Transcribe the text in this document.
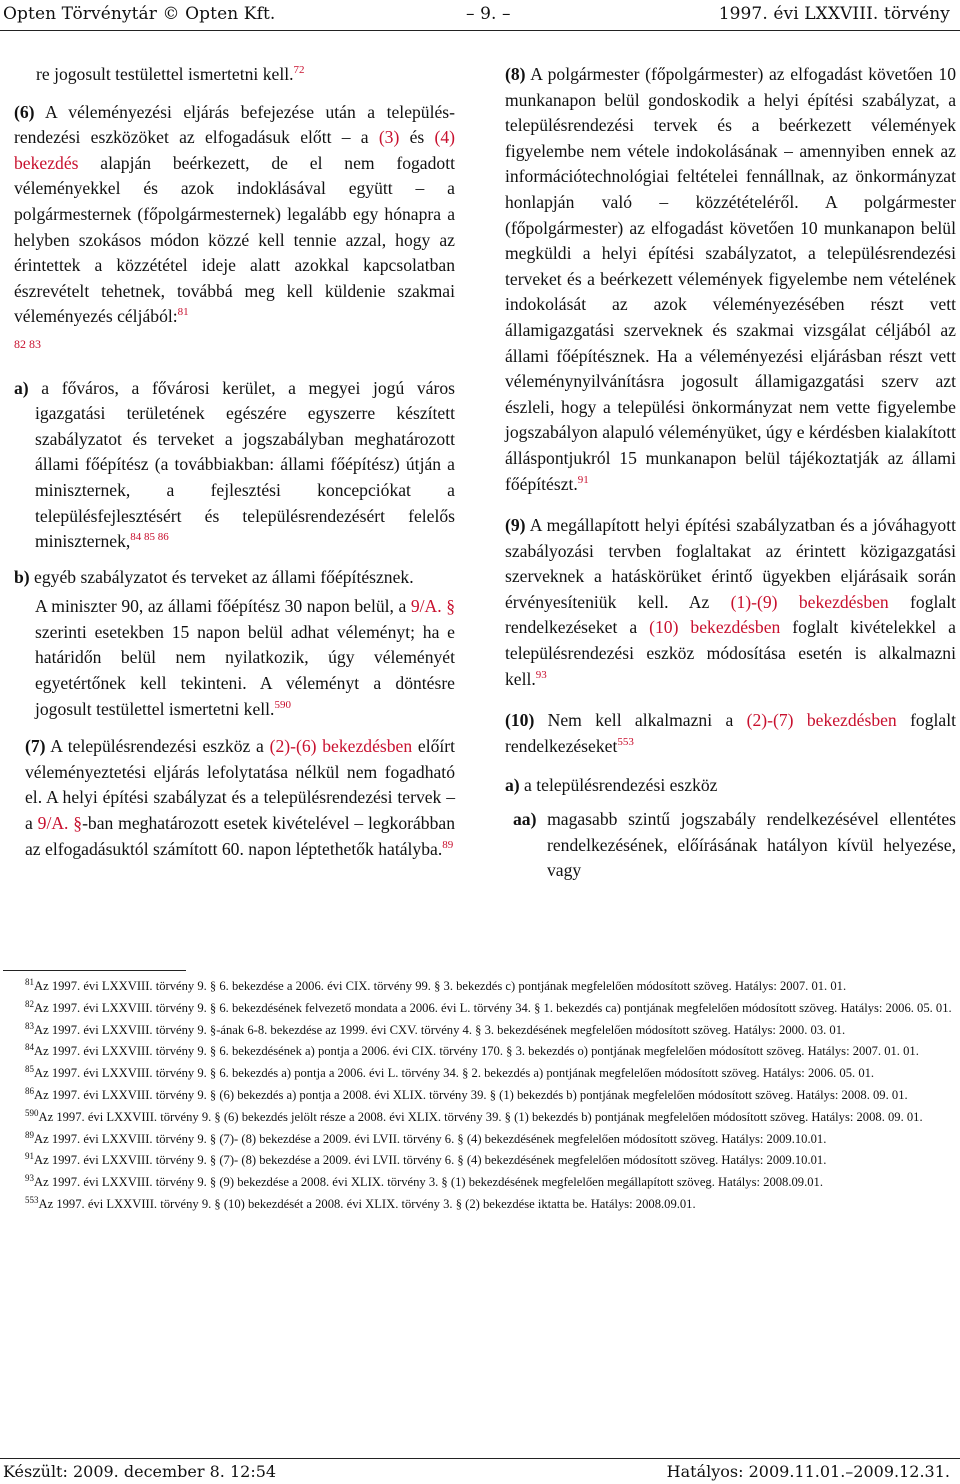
Opten Törvénytár © Opten Kft.	– 9. –	1997. évi LXXVIII. törvény
re jogosult testülettel ismertetni kell.$^{72}$
(6) A véleményezési eljárás befejezése után a településrendezési eszközöket az elfogadásuk előtt – a (3) és (4) bekezdés alapján beérkezett, de el nem fogadott véleményekkel és azok indoklásával együtt – a polgármesternek (főpolgármesternek) legalább egy hónapra a helyben szokásos módon közzé kell tennie azzal, hogy az érintettek a közzététel ideje alatt azokkal kapcsolatban észrevételt tehetnek, továbbá meg kell küldenie szakmai véleményezés céljából:$^{81}$
82 83
a) a főváros, a fővárosi kerület, a megyei jogú város igazgatási területének egészére egyszerre készített szabályzatot és terveket a jogszabályban meghatározott állami főépítész (a továbbiakban: állami főépítész) útján a miniszternek, a fejlesztési koncepciókat a településfejlesztésért és településrendezésért felelős miniszternek,$^{84 85 86}$
b) egyéb szabályzatot és terveket az állami főépítésznek.
A miniszter 90, az állami főépítész 30 napon belül, a 9/A. § szerinti esetekben 15 napon belül adhat véleményt; ha e határidőn belül nem nyilatkozik, úgy véleményét egyetértőnek kell tekinteni. A véleményt a döntésre jogosult testülettel ismertetni kell.$^{590}$
(7) A településrendezési eszköz a (2)-(6) bekezdésben előírt véleményeztetési eljárás lefolytatása nélkül nem fogadható el. A helyi építési szabályzat és a településrendezési tervek – a 9/A. §-ban meghatározott esetek kivételével – legkorábban az elfogadásuktól számított 60. napon léptethetők hatályba.$^{89}$
(8) A polgármester (főpolgármester) az elfogadást követően 10 munkanapon belül gondoskodik a helyi építési szabályzat, a településrendezési tervek és a beérkezett vélemények figyelembe nem vétele indokolásának – amennyiben ennek az információtechnológiai feltételei fennállnak, az önkormányzat honlapján való – közzétételéről. A polgármester (főpolgármester) az elfogadást követően 10 munkanapon belül megküldi a helyi építési szabályzatot, a településrendezési terveket és a beérkezett vélemények figyelembe nem vételének indokolását az azok véleményezésében részt vett államigazgatási szerveknek és szakmai vizsgálat céljából az állami főépítésznek. Ha a véleményezési eljárásban részt vett véleménynyilvánításra jogosult államigazgatási szerv azt észleli, hogy a települési önkormányzat nem vette figyelembe jogszabályon alapuló véleményüket, úgy e kérdésben kialakított álláspontjukról 15 munkanapon belül tájékoztatják az állami főépítészt.$^{91}$
(9) A megállapított helyi építési szabályzatban és a jóváhagyott szabályozási tervben foglaltakat az érintett közigazgatási szerveknek a hatáskörüket érintő ügyekben eljárásaik során érvényesíteniük kell. Az (1)-(9) bekezdésben foglalt rendelkezéseket a (10) bekezdésben foglalt kivételekkel a településrendezési eszköz módosítása esetén is alkalmazni kell.$^{93}$
(10) Nem kell alkalmazni a (2)-(7) bekezdésben foglalt rendelkezéseket$^{553}$
a) a településrendezési eszköz
aa) magasabb szintű jogszabály rendelkezésével ellentétes rendelkezésének, előírásának hatályon kívül helyezése, vagy
$^{81}$Az 1997. évi LXXVIII. törvény 9. § 6. bekezdése a 2006. évi CIX. törvény 99. § 3. bekezdés c) pontjának megfelelően módosított szöveg. Hatálys: 2007. 01. 01.
$^{82}$Az 1997. évi LXXVIII. törvény 9. § 6. bekezdésének felvezető mondata a 2006. évi L. törvény 34. § 1. bekezdés ca) pontjának megfelelően módosított szöveg. Hatálys: 2006. 05. 01.
$^{83}$Az 1997. évi LXXVIII. törvény 9. §-ának 6-8. bekezdése az 1999. évi CXV. törvény 4. § 3. bekezdésének megfelelően módosított szöveg. Hatálys: 2000. 03. 01.
$^{84}$Az 1997. évi LXXVIII. törvény 9. § 6. bekezdésének a) pontja a 2006. évi CIX. törvény 170. § 3. bekezdés o) pontjának megfelelően módosított szöveg. Hatálys: 2007. 01. 01.
$^{85}$Az 1997. évi LXXVIII. törvény 9. § 6. bekezdés a) pontja a 2006. évi L. törvény 34. § 2. bekezdés a) pontjának megfelelően módosított szöveg. Hatálys: 2006. 05. 01.
$^{86}$Az 1997. évi LXXVIII. törvény 9. § (6) bekezdés a) pontja a 2008. évi XLIX. törvény 39. § (1) bekezdés b) pontjának megfelelően módosított szöveg. Hatálys: 2008. 09. 01.
$^{590}$Az 1997. évi LXXVIII. törvény 9. § (6) bekezdés jelölt része a 2008. évi XLIX. törvény 39. § (1) bekezdés b) pontjának megfelelően módosított szöveg. Hatálys: 2008. 09. 01.
$^{89}$Az 1997. évi LXXVIII. törvény 9. § (7)- (8) bekezdése a 2009. évi LVII. törvény 6. § (4) bekezdésének megfelelően módosított szöveg. Hatálys: 2009.10.01.
$^{91}$Az 1997. évi LXXVIII. törvény 9. § (7)- (8) bekezdése a 2009. évi LVII. törvény 6. § (4) bekezdésének megfelelően módosított szöveg. Hatálys: 2009.10.01.
$^{93}$Az 1997. évi LXXVIII. törvény 9. § (9) bekezdése a 2008. évi XLIX. törvény 3. § (1) bekezdésének megfelelően megállapított szöveg. Hatálys: 2008.09.01.
$^{553}$Az 1997. évi LXXVIII. törvény 9. § (10) bekezdését a 2008. évi XLIX. törvény 3. § (2) bekezdése iktatta be. Hatálys: 2008.09.01.
Készült: 2009. december 8. 12:54	Hatályos: 2009.11.01.–2009.12.31.
